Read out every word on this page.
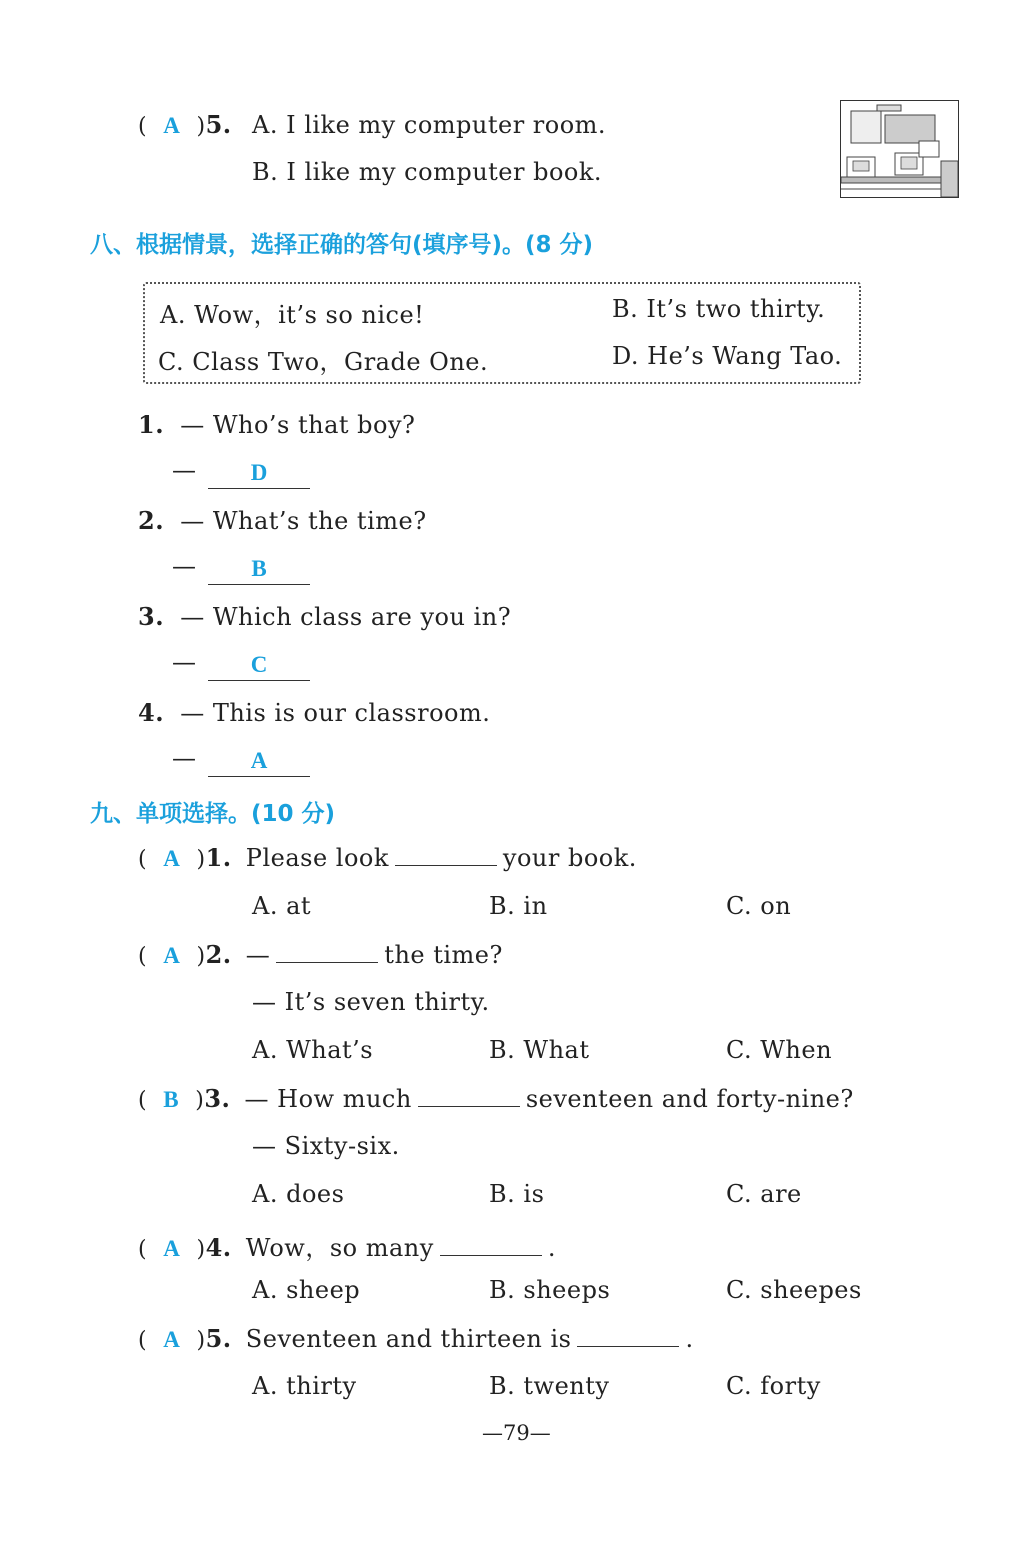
( A )5. A. I like my computer room.
B. I like my computer book.
八、根据情景，选择正确的答句(填序号)。(8 分)
A. Wow，it’s so nice!	B. It’s two thirty.
C. Class Two，Grade One.	D. He’s Wang Tao.
1. — Who’s that boy?
—	D
2. — What’s the time?
—	B
3. — Which class are you in?
—	C
4. — This is our classroom.
—	A
九、单项选择。(10 分)
( A )1. Please look	your book.
A. at	B. in	C. on
( A )2. —	the time?
— It’s seven thirty.
A. What’s	B. What	C. When
( B )3. — How much	seventeen and forty-nine?
— Sixty-six.
A. does	B. is	C. are
( A )4. Wow，so many	.
A. sheep	B. sheeps	C. sheepes
( A )5. Seventeen and thirteen is	.
A. thirty	B. twenty	C. forty
—79—
